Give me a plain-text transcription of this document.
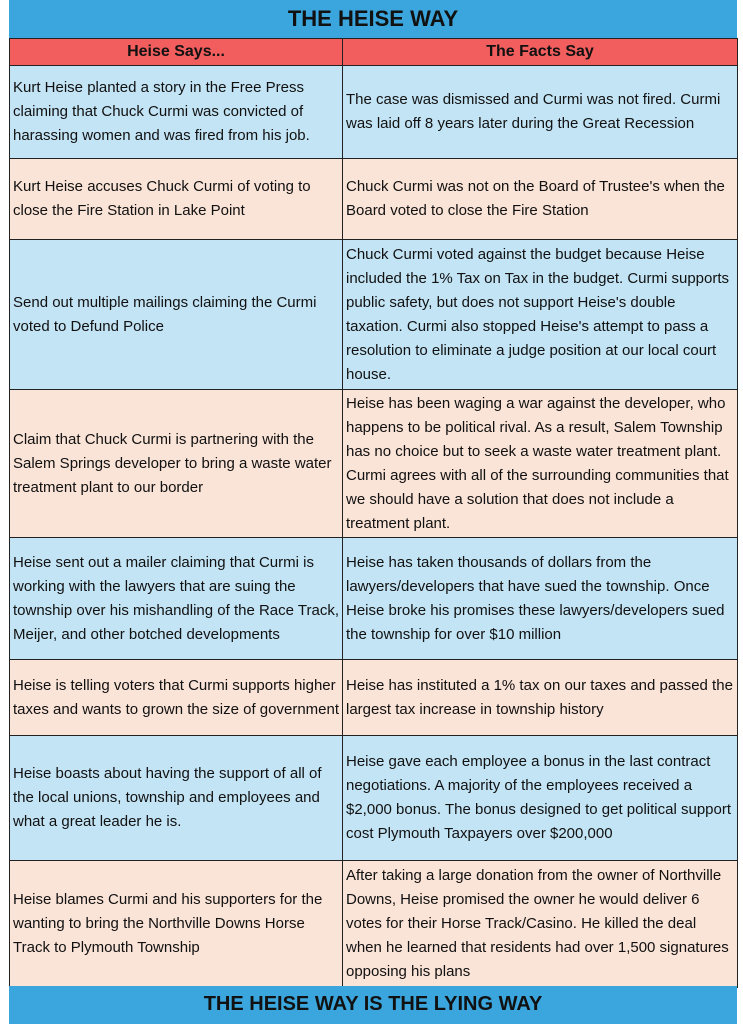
THE HEISE WAY
Heise Says...	The Facts Say
Kurt Heise planted a story in the Free Press claiming that Chuck Curmi was convicted of harassing women and was fired from his job.	The case was dismissed and Curmi was not fired. Curmi was laid off 8 years later during the Great Recession
Kurt Heise accuses Chuck Curmi of voting to close the Fire Station in Lake Point	Chuck Curmi was not on the Board of Trustee's when the Board voted to close the Fire Station
Send out multiple mailings claiming the Curmi voted to Defund Police	Chuck Curmi voted against the budget because Heise included the 1% Tax on Tax in the budget. Curmi supports public safety, but does not support Heise's double taxation. Curmi also stopped Heise's attempt to pass a resolution to eliminate a judge position at our local court house.
Claim that Chuck Curmi is partnering with the Salem Springs developer to bring a waste water treatment plant to our border	Heise has been waging a war against the developer, who happens to be political rival. As a result, Salem Township has no choice but to seek a waste water treatment plant. Curmi agrees with all of the surrounding communities that we should have a solution that does not include a treatment plant.
Heise sent out a mailer claiming that Curmi is working with the lawyers that are suing the township over his mishandling of the Race Track, Meijer, and other botched developments	Heise has taken thousands of dollars from the lawyers/developers that have sued the township. Once Heise broke his promises these lawyers/developers sued the township for over $10 million
Heise is telling voters that Curmi supports higher taxes and wants to grown the size of government	Heise has instituted a 1% tax on our taxes and passed the largest tax increase in township history
Heise boasts about having the support of all of the local unions, township and employees and what a great leader he is.	Heise gave each employee a bonus in the last contract negotiations. A majority of the employees received a $2,000 bonus. The bonus designed to get political support cost Plymouth Taxpayers over $200,000
Heise blames Curmi and his supporters for the wanting to bring the Northville Downs Horse Track to Plymouth Township	After taking a large donation from the owner of Northville Downs, Heise promised the owner he would deliver 6 votes for their Horse Track/Casino. He killed the deal when he learned that residents had over 1,500 signatures opposing his plans
THE HEISE WAY IS THE LYING WAY
